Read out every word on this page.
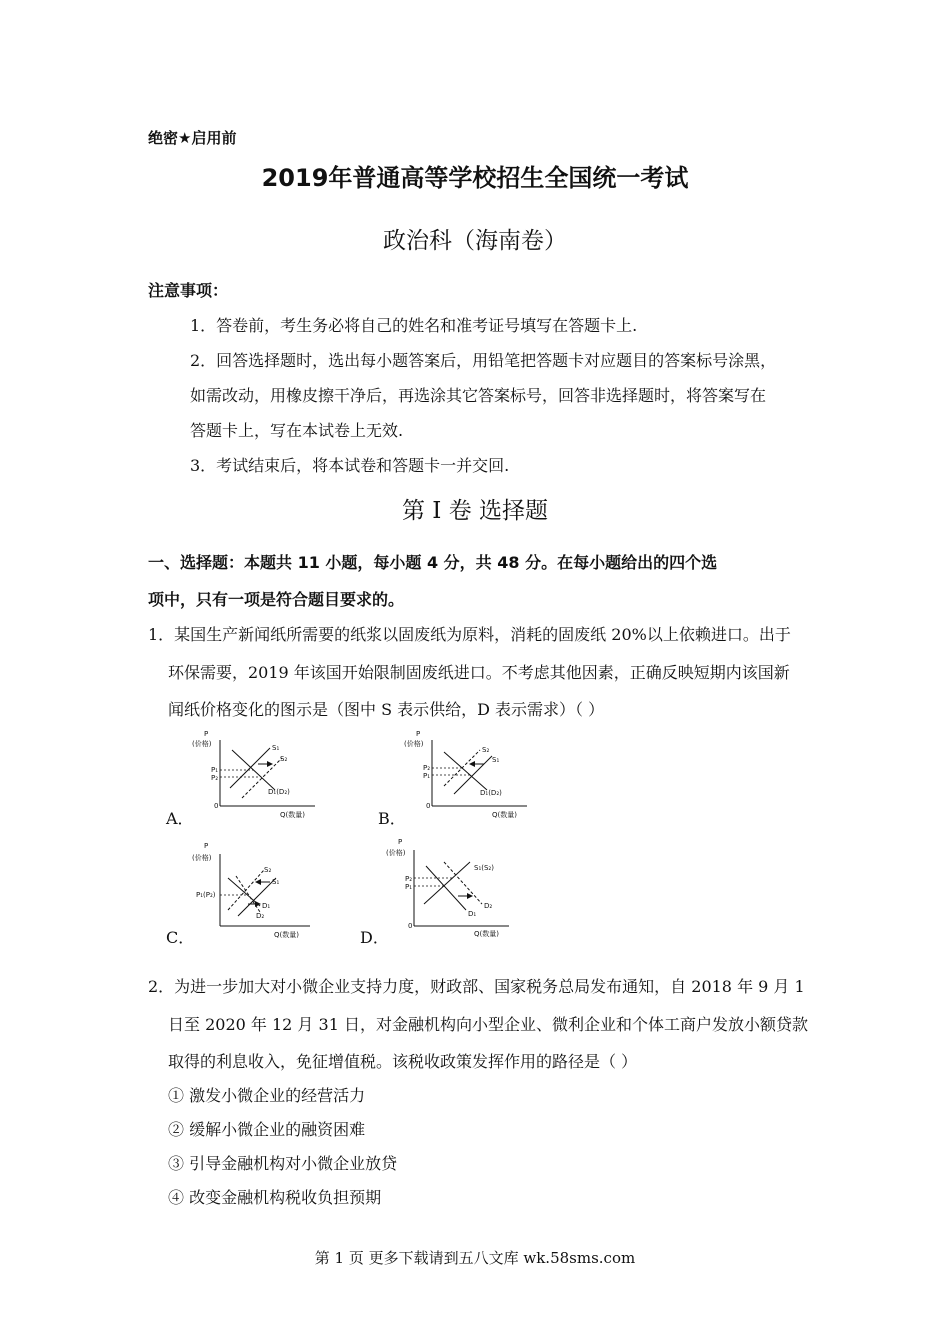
绝密★启用前
2019年普通高等学校招生全国统一考试
政治科（海南卷）
注意事项：
1．答卷前，考生务必将自己的姓名和准考证号填写在答题卡上.
2．回答选择题时，选出每小题答案后，用铅笔把答题卡对应题目的答案标号涂黑，
如需改动，用橡皮擦干净后，再选涂其它答案标号，回答非选择题时，将答案写在
答题卡上，写在本试卷上无效.
3．考试结束后，将本试卷和答题卡一并交回.
第 I 卷 选择题
一、选择题：本题共 11 小题，每小题 4 分，共 48 分。在每小题给出的四个选
项中，只有一项是符合题目要求的。
1．某国生产新闻纸所需要的纸浆以固废纸为原料，消耗的固废纸 20%以上依赖进口。出于
环保需要，2019 年该国开始限制固废纸进口。不考虑其他因素，正确反映短期内该国新
闻纸价格变化的图示是（图中 S 表示供给，D 表示需求）（ ）
A．
P
(价格)
0
Q(数量)
S₁
S₂
P₁
P₂
D₁(D₂)
B．
P
(价格)
0
Q(数量)
S₂
S₁
P₂
P₁
D₁(D₂)
C．
P
(价格)
Q(数量)
S₂
S₁
P₁(P₂)
D₁
D₂
D．
P
(价格)
0
Q(数量)
S₁(S₂)
P₂
P₁
D₂
D₁
2．为进一步加大对小微企业支持力度，财政部、国家税务总局发布通知，自 2018 年 9 月 1
日至 2020 年 12 月 31 日，对金融机构向小型企业、微利企业和个体工商户发放小额贷款
取得的利息收入，免征增值税。该税收政策发挥作用的路径是（ ）
① 激发小微企业的经营活力
② 缓解小微企业的融资困难
③ 引导金融机构对小微企业放贷
④ 改变金融机构税收负担预期
第 1 页 更多下载请到五八文库 wk.58sms.com
